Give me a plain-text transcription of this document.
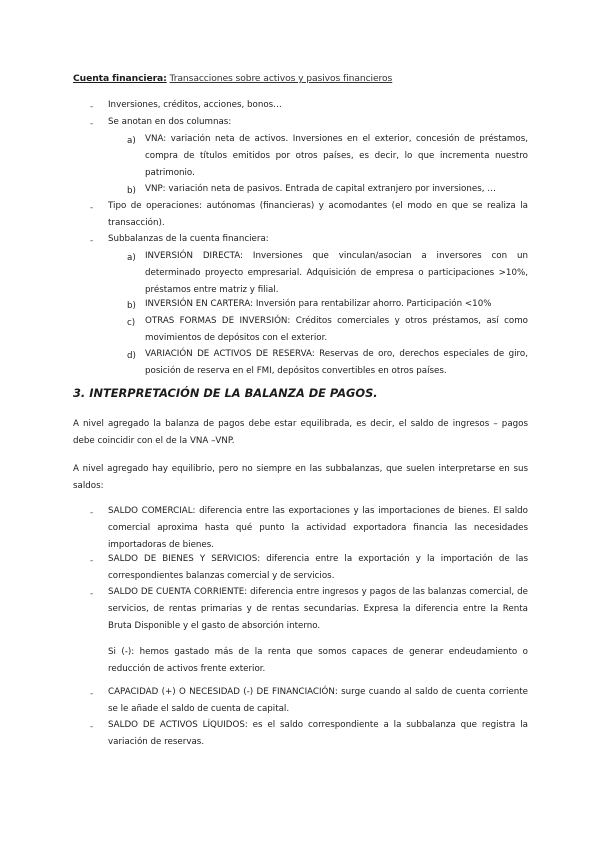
Cuenta financiera: Transacciones sobre activos y pasivos financieros
- Inversiones, créditos, acciones, bonos…
- Se anotan en dos columnas:
a) VNA: variación neta de activos. Inversiones en el exterior, concesión de préstamos, compra de títulos emitidos por otros países, es decir, lo que incrementa nuestro patrimonio.
b) VNP: variación neta de pasivos. Entrada de capital extranjero por inversiones, …
- Tipo de operaciones: autónomas (financieras) y acomodantes (el modo en que se realiza la transacción).
- Subbalanzas de la cuenta financiera:
a) INVERSIÓN DIRECTA: Inversiones que vinculan/asocian a inversores con un determinado proyecto empresarial. Adquisición de empresa o participaciones >10%, préstamos entre matriz y filial.
b) INVERSIÓN EN CARTERA: Inversión para rentabilizar ahorro. Participación <10%
c) OTRAS FORMAS DE INVERSIÓN: Créditos comerciales y otros préstamos, así como movimientos de depósitos con el exterior.
d) VARIACIÓN DE ACTIVOS DE RESERVA: Reservas de oro, derechos especiales de giro, posición de reserva en el FMI, depósitos convertibles en otros países.
3. INTERPRETACIÓN DE LA BALANZA DE PAGOS.
A nivel agregado la balanza de pagos debe estar equilibrada, es decir, el saldo de ingresos – pagos debe coincidir con el de la VNA –VNP.
A nivel agregado hay equilibrio, pero no siempre en las subbalanzas, que suelen interpretarse en sus saldos:
- SALDO COMERCIAL: diferencia entre las exportaciones y las importaciones de bienes. El saldo comercial aproxima hasta qué punto la actividad exportadora financia las necesidades importadoras de bienes.
- SALDO DE BIENES Y SERVICIOS: diferencia entre la exportación y la importación de las correspondientes balanzas comercial y de servicios.
- SALDO DE CUENTA CORRIENTE: diferencia entre ingresos y pagos de las balanzas comercial, de servicios, de rentas primarias y de rentas secundarias. Expresa la diferencia entre la Renta Bruta Disponible y el gasto de absorción interno.
Si (-): hemos gastado más de la renta que somos capaces de generar endeudamiento o reducción de activos frente exterior.
- CAPACIDAD (+) O NECESIDAD (-) DE FINANCIACIÓN: surge cuando al saldo de cuenta corriente se le añade el saldo de cuenta de capital.
- SALDO DE ACTIVOS LÍQUIDOS: es el saldo correspondiente a la subbalanza que registra la variación de reservas.
